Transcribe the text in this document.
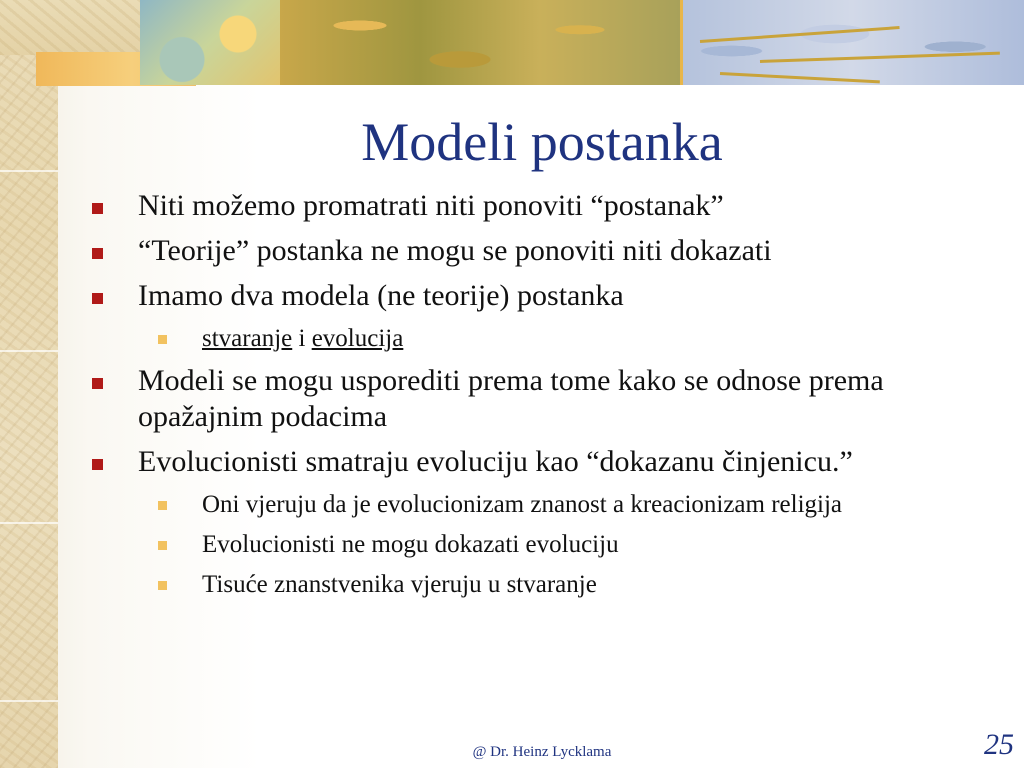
Modeli postanka
Niti možemo promatrati niti ponoviti “postanak”
“Teorije” postanka ne mogu se ponoviti niti dokazati
Imamo dva modela (ne teorije) postanka
stvaranje i evolucija
Modeli se mogu usporediti prema tome kako se odnose prema opažajnim podacima
Evolucionisti smatraju evoluciju kao “dokazanu činjenicu.”
Oni vjeruju da je evolucionizam znanost a kreacionizam religija
Evolucionisti ne mogu dokazati evoluciju
Tisuće znanstvenika vjeruju u stvaranje
@ Dr. Heinz Lycklama	25
